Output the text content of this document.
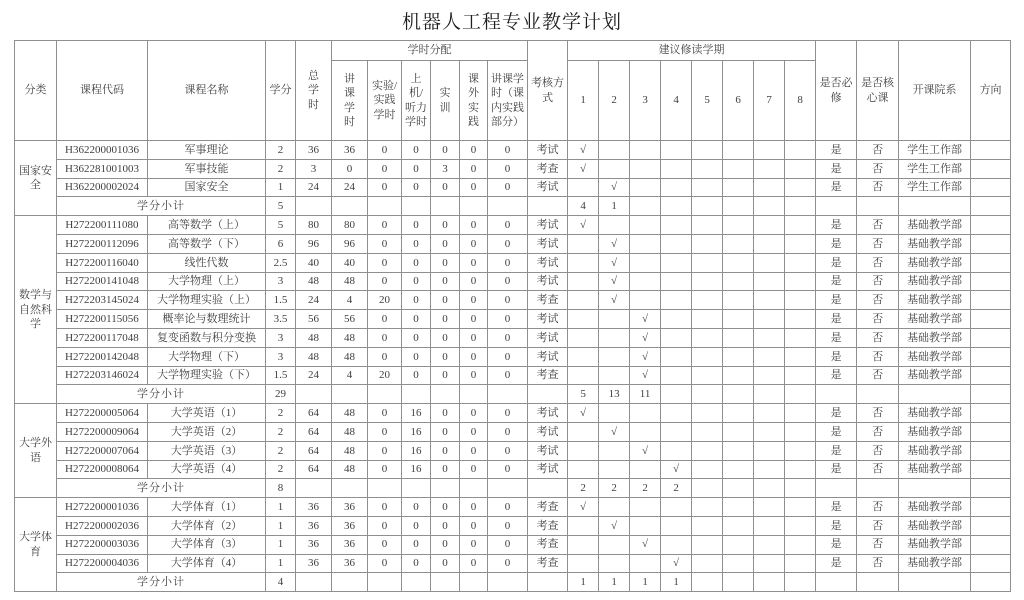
机器人工程专业教学计划
分类	课程代码	课程名称	学分	总学时	学时分配						考核方式	建议修读学期								是否必修	是否核心课	开课院系	方向
					讲课学时	实验/实践学时	上机/听力学时	实训	课外实践	讲课学时（课内实践部分）		1	2	3	4	5	6	7	8				
国家安全	H362200001036	军事理论	2	36	36	0	0	0	0	0	考试	√								是	否	学生工作部	
	H362281001003	军事技能	2	3	0	0	0	3	0	0	考查	√								是	否	学生工作部	
	H362200002024	国家安全	1	24	24	0	0	0	0	0	考试		√							是	否	学生工作部	
	学分小计		5									4	1										
数学与自然科学	H272200111080	高等数学（上）	5	80	80	0	0	0	0	0	考试	√								是	否	基础教学部	
	H272200112096	高等数学（下）	6	96	96	0	0	0	0	0	考试		√							是	否	基础教学部	
	H272200116040	线性代数	2.5	40	40	0	0	0	0	0	考试		√							是	否	基础教学部	
	H272200141048	大学物理（上）	3	48	48	0	0	0	0	0	考试		√							是	否	基础教学部	
	H272203145024	大学物理实验（上）	1.5	24	4	20	0	0	0	0	考查		√							是	否	基础教学部	
	H272200115056	概率论与数理统计	3.5	56	56	0	0	0	0	0	考试			√						是	否	基础教学部	
	H272200117048	复变函数与积分变换	3	48	48	0	0	0	0	0	考试			√						是	否	基础教学部	
	H272200142048	大学物理（下）	3	48	48	0	0	0	0	0	考试			√						是	否	基础教学部	
	H272203146024	大学物理实验（下）	1.5	24	4	20	0	0	0	0	考查			√						是	否	基础教学部	
	学分小计		29									5	13	11									
大学外语	H272200005064	大学英语（1）	2	64	48	0	16	0	0	0	考试	√								是	否	基础教学部	
	H272200009064	大学英语（2）	2	64	48	0	16	0	0	0	考试		√							是	否	基础教学部	
	H272200007064	大学英语（3）	2	64	48	0	16	0	0	0	考试			√						是	否	基础教学部	
	H272200008064	大学英语（4）	2	64	48	0	16	0	0	0	考试				√					是	否	基础教学部	
	学分小计		8									2	2	2	2								
大学体育	H272200001036	大学体育（1）	1	36	36	0	0	0	0	0	考查	√								是	否	基础教学部	
	H272200002036	大学体育（2）	1	36	36	0	0	0	0	0	考查		√							是	否	基础教学部	
	H272200003036	大学体育（3）	1	36	36	0	0	0	0	0	考查			√						是	否	基础教学部	
	H272200004036	大学体育（4）	1	36	36	0	0	0	0	0	考查				√					是	否	基础教学部	
	学分小计		4									1	1	1	1								
